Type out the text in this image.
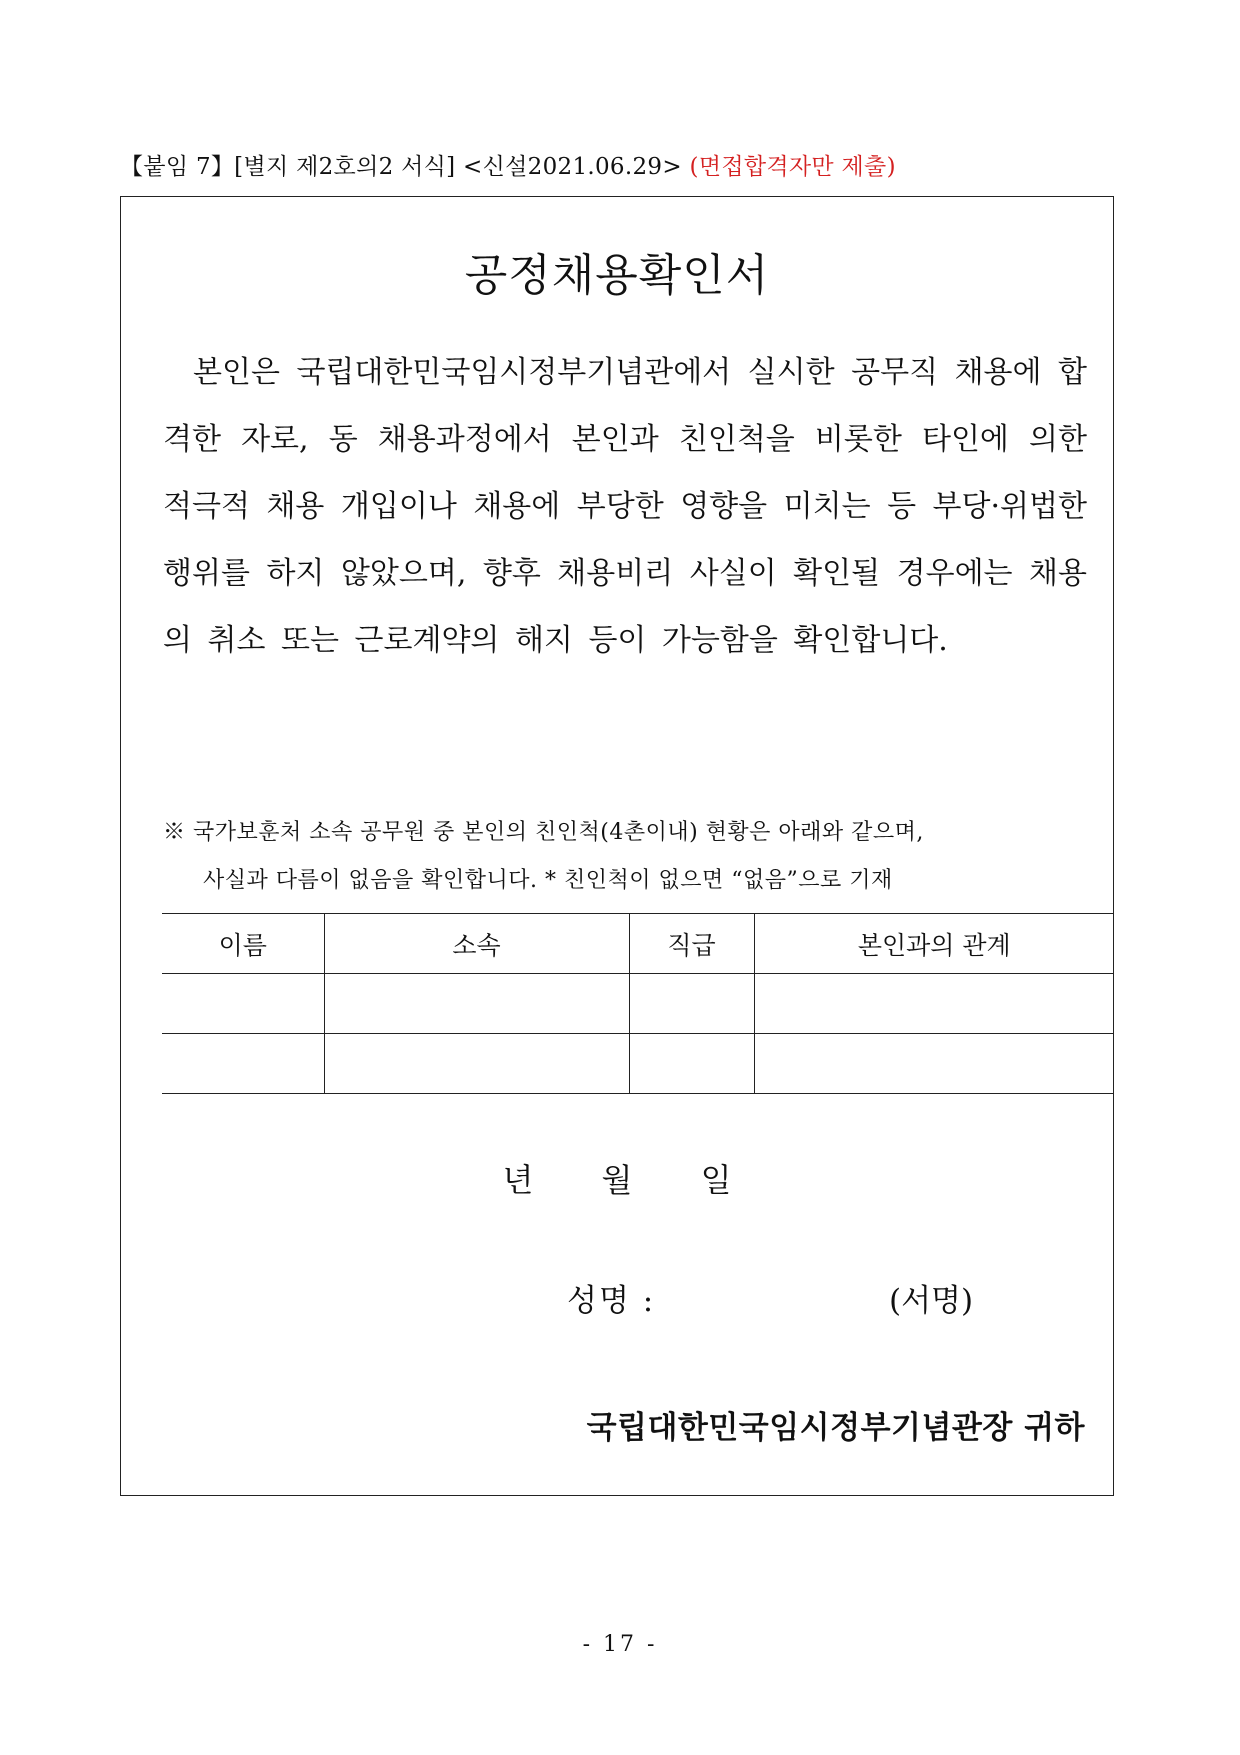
【붙임 7】[별지 제2호의2 서식] <신설2021.06.29> (면접합격자만 제출)
공정채용확인서
본인은 국립대한민국임시정부기념관에서 실시한 공무직 채용에 합격한 자로, 동 채용과정에서 본인과 친인척을 비롯한 타인에 의한 적극적 채용 개입이나 채용에 부당한 영향을 미치는 등 부당·위법한 행위를 하지 않았으며, 향후 채용비리 사실이 확인될 경우에는 채용의 취소 또는 근로계약의 해지 등이 가능함을 확인합니다.
※ 국가보훈처 소속 공무원 중 본인의 친인척(4촌이내) 현황은 아래와 같으며,
사실과 다름이 없음을 확인합니다. * 친인척이 없으면 “없음”으로 기재
이름	소속	직급	본인과의 관계

년 월 일
성명 :	(서명)
국립대한민국임시정부기념관장 귀하
- 17 -
